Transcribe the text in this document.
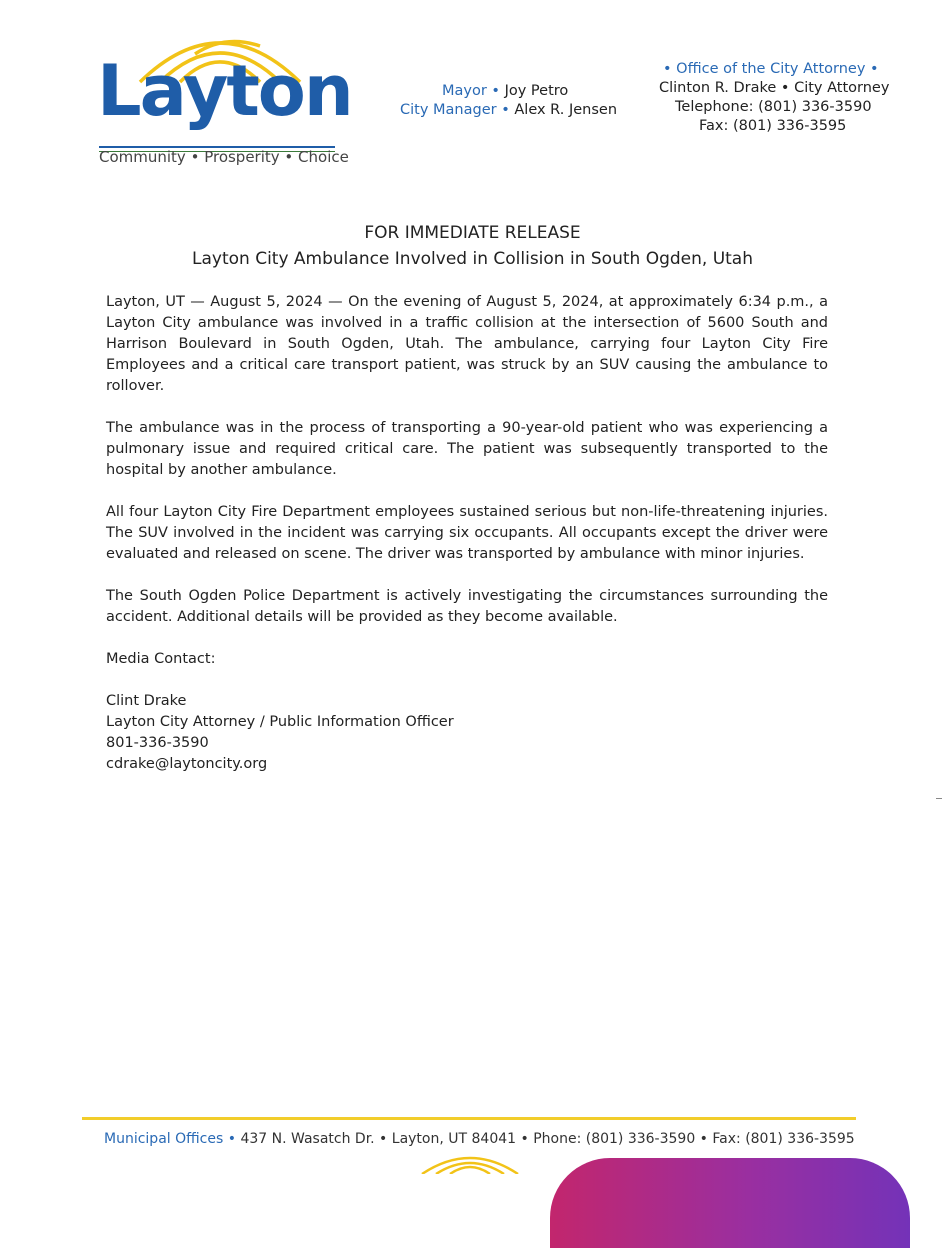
Layton
Community • Prosperity • Choice
Mayor • Joy Petro
City Manager • Alex R. Jensen
• Office of the City Attorney •
Clinton R. Drake • City Attorney
Telephone: (801) 336-3590
Fax: (801) 336-3595
FOR IMMEDIATE RELEASE
Layton City Ambulance Involved in Collision in South Ogden, Utah

Layton, UT — August 5, 2024 — On the evening of August 5, 2024, at approximately 6:34 p.m., a Layton City ambulance was involved in a traffic collision at the intersection of 5600 South and Harrison Boulevard in South Ogden, Utah. The ambulance, carrying four Layton City Fire Employees and a critical care transport patient, was struck by an SUV causing the ambulance to rollover.

The ambulance was in the process of transporting a 90-year-old patient who was experiencing a pulmonary issue and required critical care. The patient was subsequently transported to the hospital by another ambulance.

All four Layton City Fire Department employees sustained serious but non-life-threatening injuries. The SUV involved in the incident was carrying six occupants. All occupants except the driver were evaluated and released on scene. The driver was transported by ambulance with minor injuries.

The South Ogden Police Department is actively investigating the circumstances surrounding the accident. Additional details will be provided as they become available.

Media Contact:

Clint Drake

Layton City Attorney / Public Information Officer

801-336-3590

cdrake@laytoncity.org

Municipal Offices • 437 N. Wasatch Dr. • Layton, UT 84041 • Phone: (801) 336-3590 • Fax: (801) 336-3595
